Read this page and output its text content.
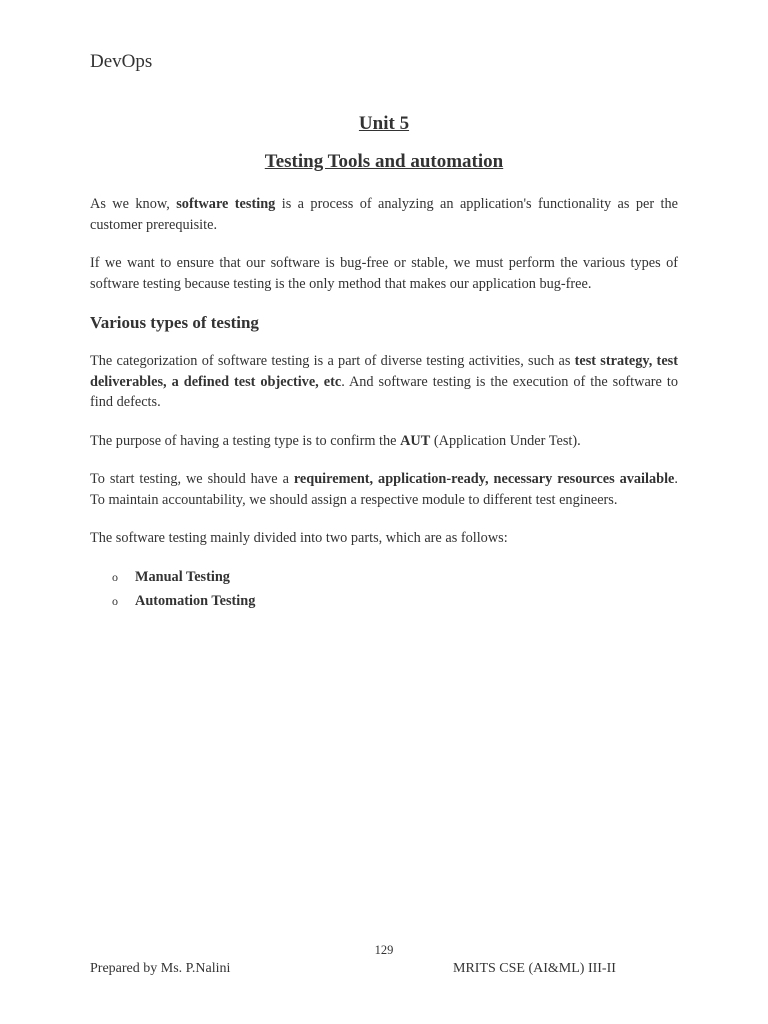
DevOps
Unit 5
Testing Tools and automation

As we know, software testing is a process of analyzing an application's functionality as per the customer prerequisite.

If we want to ensure that our software is bug-free or stable, we must perform the various types of software testing because testing is the only method that makes our application bug-free.

Various types of testing

The categorization of software testing is a part of diverse testing activities, such as test strategy, test deliverables, a defined test objective, etc. And software testing is the execution of the software to find defects.

The purpose of having a testing type is to confirm the AUT (Application Under Test).

To start testing, we should have a requirement, application-ready, necessary resources available. To maintain accountability, we should assign a respective module to different test engineers.

The software testing mainly divided into two parts, which are as follows:

o Manual Testing
o Automation Testing
129
Prepared by Ms. P.Nalini	MRITS CSE (AI&ML) III-II
